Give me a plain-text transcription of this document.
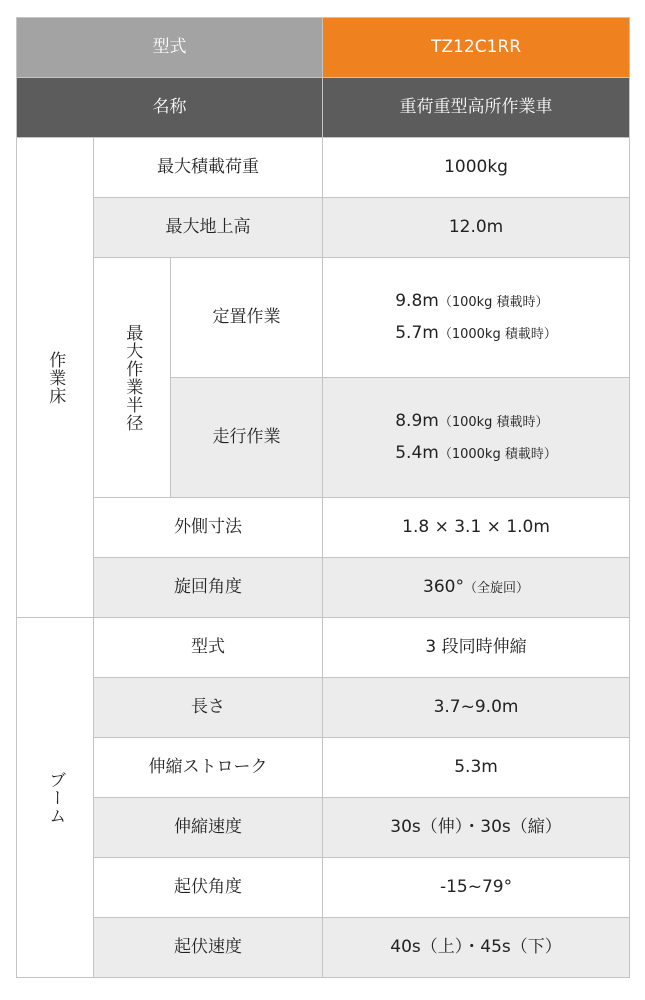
型式			TZ12C1RR
名称			重荷重型高所作業車
作業床	最大積載荷重		1000kg
	最大地上高		12.0m
	最大作業半径	定置作業	9.8m（100kg 積載時）
5.7m（1000kg 積載時）
		走行作業	8.9m（100kg 積載時）
5.4m（1000kg 積載時）
	外側寸法		1.8 × 3.1 × 1.0m
	旋回角度		360°（全旋回）
ブーム	型式		3 段同時伸縮
	長さ		3.7~9.0m
	伸縮ストローク		5.3m
	伸縮速度		30s（伸）・30s（縮）
	起伏角度		-15~79°
	起伏速度		40s（上）・45s（下）
